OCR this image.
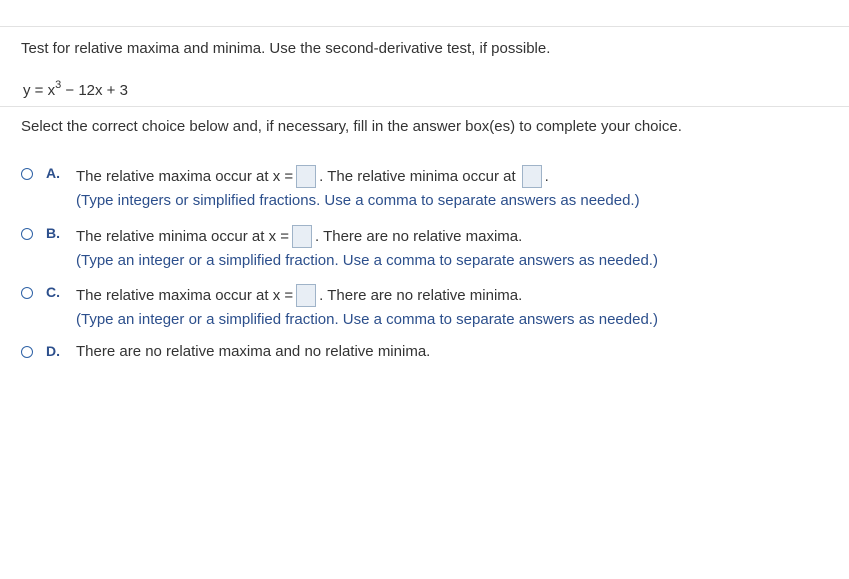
Test for relative maxima and minima. Use the second-derivative test, if possible.
$y = x^3 - 12x + 3$
Select the correct choice below and, if necessary, fill in the answer box(es) to complete your choice.
A. The relative maxima occur at x = . The relative minima occur at .
(Type integers or simplified fractions. Use a comma to separate answers as needed.)
B. The relative minima occur at x = . There are no relative maxima.
(Type an integer or a simplified fraction. Use a comma to separate answers as needed.)
C. The relative maxima occur at x = . There are no relative minima.
(Type an integer or a simplified fraction. Use a comma to separate answers as needed.)
D. There are no relative maxima and no relative minima.
